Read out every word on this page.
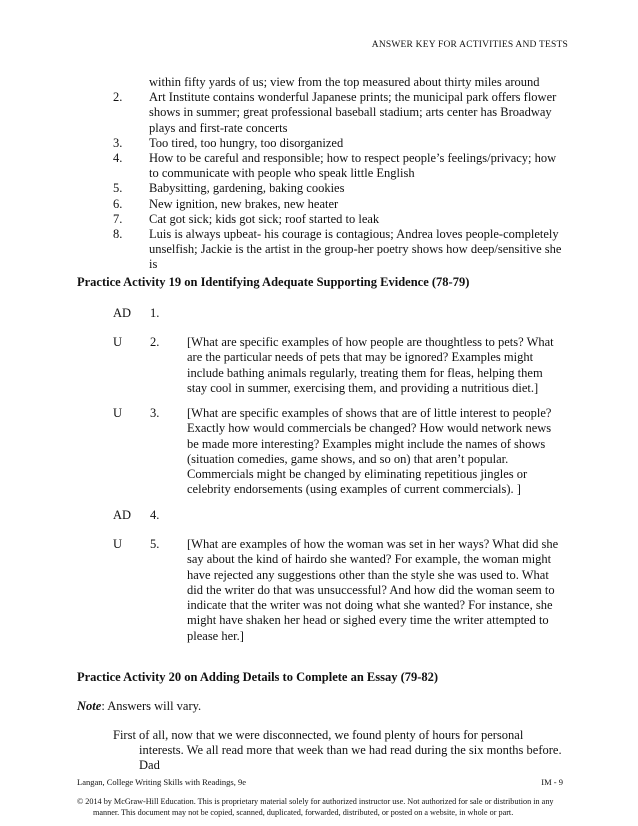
ANSWER KEY FOR ACTIVITIES AND TESTS
within fifty yards of us; view from the top measured about thirty miles around
2.	Art Institute contains wonderful Japanese prints; the municipal park offers flower
shows in summer; great professional baseball stadium; arts center has Broadway
plays and first-rate concerts
3.	Too tired, too hungry, too disorganized
4.	How to be careful and responsible; how to respect people’s feelings/privacy; how
to communicate with people who speak little English
5.	Babysitting, gardening, baking cookies
6.	New ignition, new brakes, new heater
7.	Cat got sick; kids got sick; roof started to leak
8.	Luis is always upbeat- his courage is contagious; Andrea loves people-completely
unselfish; Jackie is the artist in the group-her poetry shows how deep/sensitive she
is
Practice Activity 19 on Identifying Adequate Supporting Evidence (78-79)
AD	1.
U	2.	[What are specific examples of how people are thoughtless to pets? What
are the particular needs of pets that may be ignored? Examples might
include bathing animals regularly, treating them for fleas, helping them
stay cool in summer, exercising them, and providing a nutritious diet.]
U	3.	[What are specific examples of shows that are of little interest to people?
Exactly how would commercials be changed? How would network news
be made more interesting? Examples might include the names of shows
(situation comedies, game shows, and so on) that aren’t popular.
Commercials might be changed by eliminating repetitious jingles or
celebrity endorsements (using examples of current commercials). ]
AD	4.
U	5.	[What are examples of how the woman was set in her ways? What did she
say about the kind of hairdo she wanted? For example, the woman might
have rejected any suggestions other than the style she was used to. What
did the writer do that was unsuccessful? And how did the woman seem to
indicate that the writer was not doing what she wanted? For instance, she
might have shaken her head or sighed every time the writer attempted to
please her.]
Practice Activity 20 on Adding Details to Complete an Essay (79-82)
Note: Answers will vary.
First of all, now that we were disconnected, we found plenty of hours for personal
interests. We all read more that week than we had read during the six months before. Dad
Langan, College Writing Skills with Readings, 9e	IM - 9
© 2014 by McGraw-Hill Education. This is proprietary material solely for authorized instructor use. Not authorized for sale or distribution in any
manner. This document may not be copied, scanned, duplicated, forwarded, distributed, or posted on a website, in whole or part.
